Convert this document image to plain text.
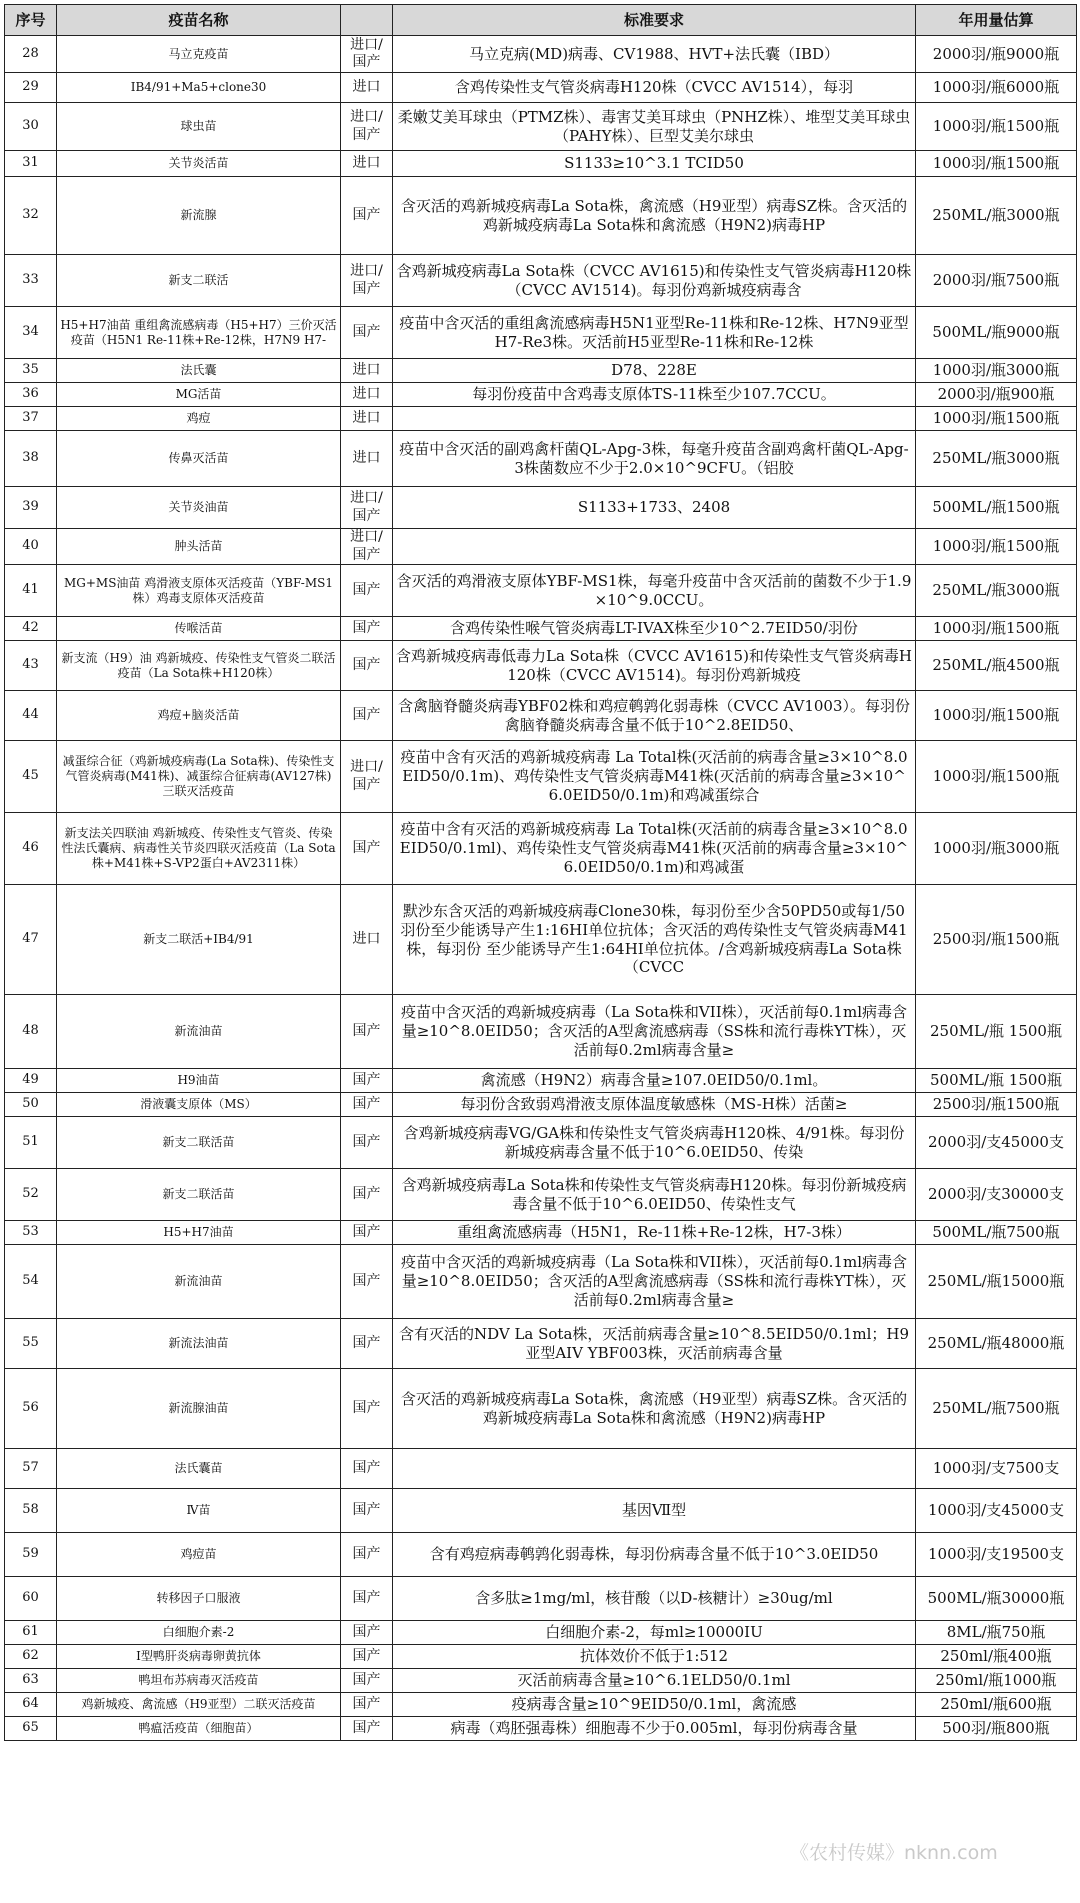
序号	疫苗名称		标准要求	年用量估算
28	马立克疫苗	进口/国产	马立克病(MD)病毒、CV1988、HVT+法氏囊（IBD）	2000羽/瓶9000瓶
29	IB4/91+Ma5+clone30	进口	含鸡传染性支气管炎病毒H120株（CVCC AV1514），每羽	1000羽/瓶6000瓶
30	球虫苗	进口/国产	柔嫩艾美耳球虫（PTMZ株）、毒害艾美耳球虫（PNHZ株）、堆型艾美耳球虫（PAHY株）、巨型艾美尔球虫	1000羽/瓶1500瓶
31	关节炎活苗	进口	S1133≥10^3.1 TCID50	1000羽/瓶1500瓶
32	新流腺	国产	含灭活的鸡新城疫病毒La Sota株，禽流感（H9亚型）病毒SZ株。含灭活的鸡新城疫病毒La Sota株和禽流感（H9N2)病毒HP	250ML/瓶3000瓶
33	新支二联活	进口/国产	含鸡新城疫病毒La Sota株（CVCC AV1615)和传染性支气管炎病毒H120株（CVCC AV1514)。每羽份鸡新城疫病毒含	2000羽/瓶7500瓶
34	H5+H7油苗 重组禽流感病毒（H5+H7）三价灭活疫苗（H5N1 Re-11株+Re-12株，H7N9 H7-	国产	疫苗中含灭活的重组禽流感病毒H5N1亚型Re-11株和Re-12株、H7N9亚型H7-Re3株。灭活前H5亚型Re-11株和Re-12株	500ML/瓶9000瓶
35	法氏囊	进口	D78、228E	1000羽/瓶3000瓶
36	MG活苗	进口	每羽份疫苗中含鸡毒支原体TS-11株至少107.7CCU。	2000羽/瓶900瓶
37	鸡痘	进口		1000羽/瓶1500瓶
38	传鼻灭活苗	进口	疫苗中含灭活的副鸡禽杆菌QL-Apg-3株，每毫升疫苗含副鸡禽杆菌QL-Apg-3株菌数应不少于2.0×10^9CFU。（铝胶	250ML/瓶3000瓶
39	关节炎油苗	进口/国产	S1133+1733、2408	500ML/瓶1500瓶
40	肿头活苗	进口/国产		1000羽/瓶1500瓶
41	MG+MS油苗 鸡滑液支原体灭活疫苗（YBF-MS1株）鸡毒支原体灭活疫苗	国产	含灭活的鸡滑液支原体YBF-MS1株，每毫升疫苗中含灭活前的菌数不少于1.9×10^9.0CCU。	250ML/瓶3000瓶
42	传喉活苗	国产	含鸡传染性喉气管炎病毒LT-IVAX株至少10^2.7EID50/羽份	1000羽/瓶1500瓶
43	新支流（H9）油 鸡新城疫、传染性支气管炎二联活疫苗（La Sota株+H120株）	国产	含鸡新城疫病毒低毒力La Sota株（CVCC AV1615)和传染性支气管炎病毒H120株（CVCC AV1514)。每羽份鸡新城疫	250ML/瓶4500瓶
44	鸡痘+脑炎活苗	国产	含禽脑脊髓炎病毒YBF02株和鸡痘鹌鹑化弱毒株（CVCC AV1003）。每羽份禽脑脊髓炎病毒含量不低于10^2.8EID50、	1000羽/瓶1500瓶
45	减蛋综合征（鸡新城疫病毒(La Sota株)、传染性支气管炎病毒(M41株)、减蛋综合征病毒(AV127株)三联灭活疫苗	进口/国产	疫苗中含有灭活的鸡新城疫病毒 La Total株(灭活前的病毒含量≥3×10^8.0EID50/0.1m)、鸡传染性支气管炎病毒M41株(灭活前的病毒含量≥3×10^6.0EID50/0.1m)和鸡减蛋综合	1000羽/瓶1500瓶
46	新支法关四联油 鸡新城疫、传染性支气管炎、传染性法氏囊病、病毒性关节炎四联灭活疫苗（La Sota株+M41株+S-VP2蛋白+AV2311株）	国产	疫苗中含有灭活的鸡新城疫病毒 La Total株(灭活前的病毒含量≥3×10^8.0EID50/0.1ml)、鸡传染性支气管炎病毒M41株(灭活前的病毒含量≥3×10^6.0EID50/0.1m)和鸡减蛋	1000羽/瓶3000瓶
47	新支二联活+IB4/91	进口	默沙东含灭活的鸡新城疫病毒Clone30株，每羽份至少含50PD50或每1/50 羽份至少能诱导产生1:16HI单位抗体；含灭活的鸡传染性支气管炎病毒M41株，每羽份 至少能诱导产生1:64HI单位抗体。/含鸡新城疫病毒La Sota株（CVCC	2500羽/瓶1500瓶
48	新流油苗	国产	疫苗中含灭活的鸡新城疫病毒（La Sota株和VII株），灭活前每0.1ml病毒含量≥10^8.0EID50；含灭活的A型禽流感病毒（SS株和流行毒株YT株），灭活前每0.2ml病毒含量≥	250ML/瓶 1500瓶
49	H9油苗	国产	禽流感（H9N2）病毒含量≥107.0EID50/0.1ml。	500ML/瓶 1500瓶
50	滑液囊支原体（MS）	国产	每羽份含致弱鸡滑液支原体温度敏感株（MS-H株）活菌≥	2500羽/瓶1500瓶
51	新支二联活苗	国产	含鸡新城疫病毒VG/GA株和传染性支气管炎病毒H120株、4/91株。每羽份新城疫病毒含量不低于10^6.0EID50、传染	2000羽/支45000支
52	新支二联活苗	国产	含鸡新城疫病毒La Sota株和传染性支气管炎病毒H120株。每羽份新城疫病毒含量不低于10^6.0EID50、传染性支气	2000羽/支30000支
53	H5+H7油苗	国产	重组禽流感病毒（H5N1，Re-11株+Re-12株，H7-3株）	500ML/瓶7500瓶
54	新流油苗	国产	疫苗中含灭活的鸡新城疫病毒（La Sota株和VII株），灭活前每0.1ml病毒含量≥10^8.0EID50；含灭活的A型禽流感病毒（SS株和流行毒株YT株），灭活前每0.2ml病毒含量≥	250ML/瓶15000瓶
55	新流法油苗	国产	含有灭活的NDV La Sota株，灭活前病毒含量≥10^8.5EID50/0.1ml；H9亚型AIV YBF003株，灭活前病毒含量	250ML/瓶48000瓶
56	新流腺油苗	国产	含灭活的鸡新城疫病毒La Sota株，禽流感（H9亚型）病毒SZ株。含灭活的鸡新城疫病毒La Sota株和禽流感（H9N2)病毒HP	250ML/瓶7500瓶
57	法氏囊苗	国产		1000羽/支7500支
58	Ⅳ苗	国产	基因Ⅶ型	1000羽/支45000支
59	鸡痘苗	国产	含有鸡痘病毒鹌鹑化弱毒株，每羽份病毒含量不低于10^3.0EID50	1000羽/支19500支
60	转移因子口服液	国产	含多肽≥1mg/ml，核苷酸（以D-核糖计）≥30ug/ml	500ML/瓶30000瓶
61	白细胞介素-2	国产	白细胞介素-2，每ml≥10000IU	8ML/瓶750瓶
62	I型鸭肝炎病毒卵黄抗体	国产	抗体效价不低于1:512	250ml/瓶400瓶
63	鸭坦布苏病毒灭活疫苗	国产	灭活前病毒含量≥10^6.1ELD50/0.1ml	250ml/瓶1000瓶
64	鸡新城疫、禽流感（H9亚型）二联灭活疫苗	国产	疫病毒含量≥10^9EID50/0.1ml，禽流感	250ml/瓶600瓶
65	鸭瘟活疫苗（细胞苗）	国产	病毒（鸡胚强毒株）细胞毒不少于0.005ml，每羽份病毒含量	500羽/瓶800瓶
《农村传媒》nknn.com
